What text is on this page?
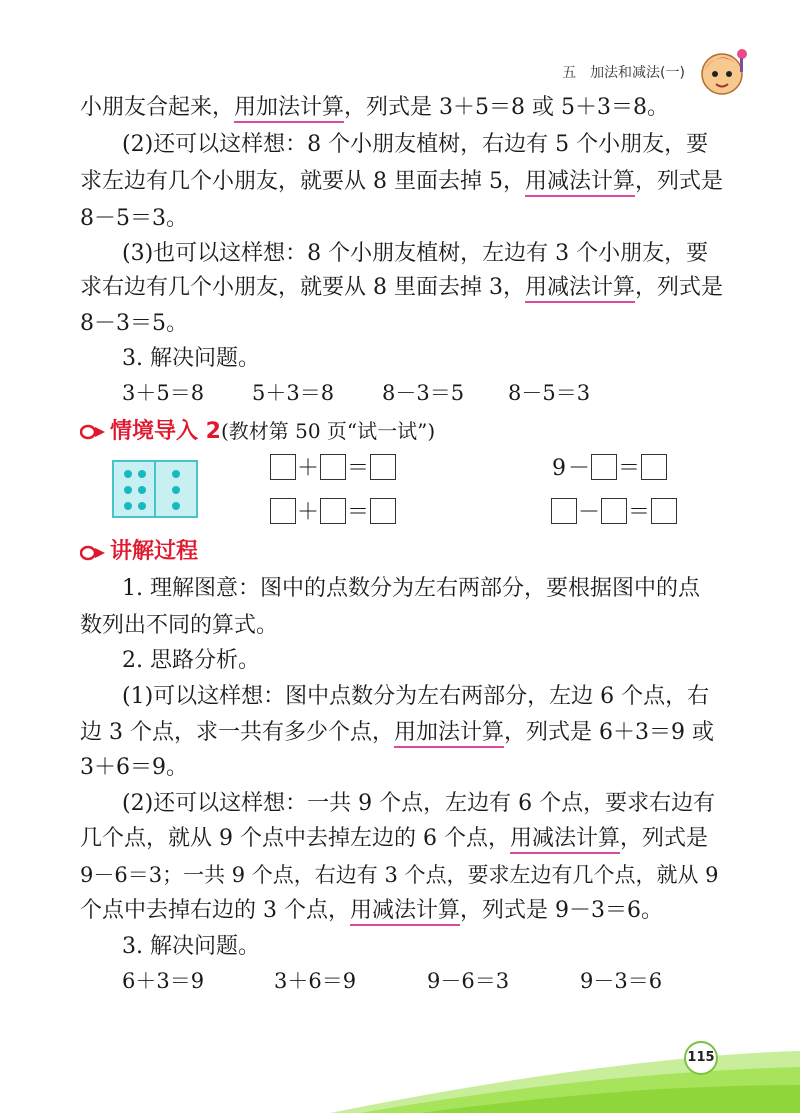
五 加法和减法(一)
小朋友合起来，用加法计算，列式是 3＋5＝8 或 5＋3＝8。
(2)还可以这样想：8 个小朋友植树，右边有 5 个小朋友，要
求左边有几个小朋友，就要从 8 里面去掉 5，用减法计算，列式是
8－5＝3。
(3)也可以这样想：8 个小朋友植树，左边有 3 个小朋友，要
求右边有几个小朋友，就要从 8 里面去掉 3，用减法计算，列式是
8－3＝5。
3. 解决问题。
3＋5＝8 5＋3＝8 8－3＝5 8－5＝3
情境导入 2(教材第 50 页“试一试”)
＋ ＝
＋ ＝
9－ ＝
－ ＝
讲解过程
1. 理解图意：图中的点数分为左右两部分，要根据图中的点
数列出不同的算式。
2. 思路分析。
(1)可以这样想：图中点数分为左右两部分，左边 6 个点，右
边 3 个点，求一共有多少个点，用加法计算，列式是 6＋3＝9 或
3＋6＝9。
(2)还可以这样想：一共 9 个点，左边有 6 个点，要求右边有
几个点，就从 9 个点中去掉左边的 6 个点，用减法计算，列式是
9－6＝3；一共 9 个点，右边有 3 个点，要求左边有几个点，就从 9
个点中去掉右边的 3 个点，用减法计算，列式是 9－3＝6。
3. 解决问题。
6＋3＝9	3＋6＝9	9－6＝3	9－3＝6
115
